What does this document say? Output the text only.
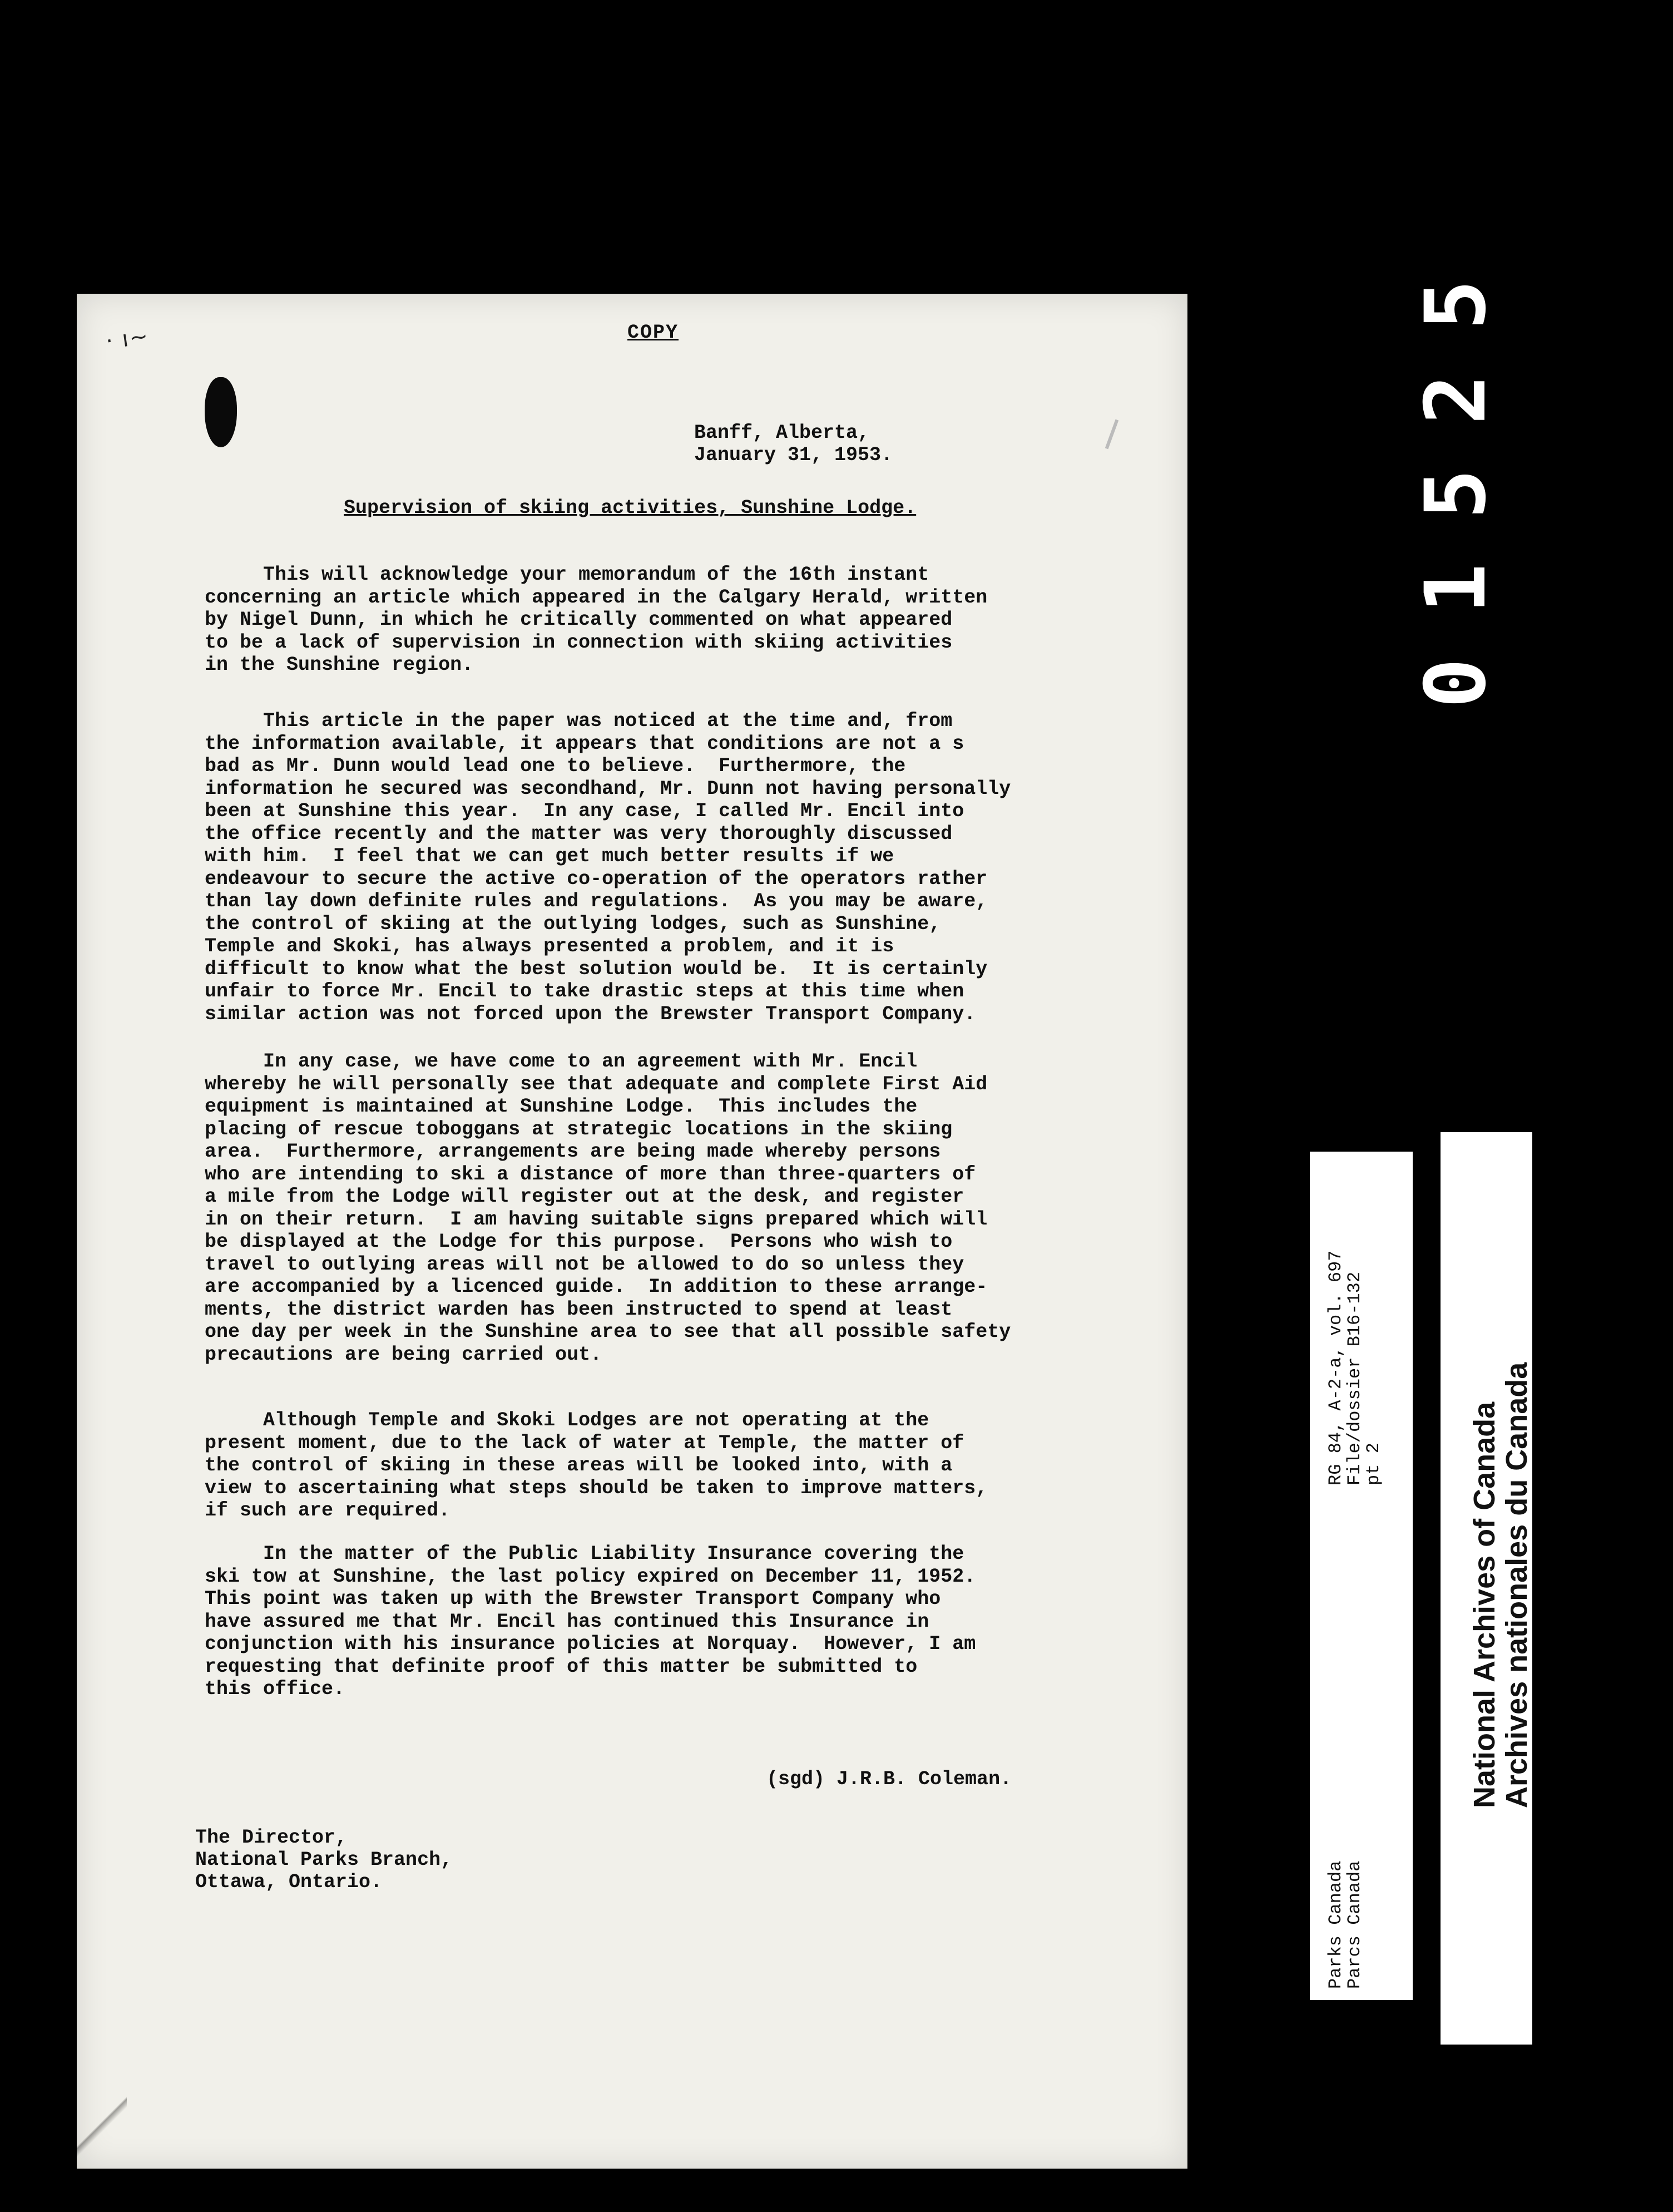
· ı~	COPY
Banff, Alberta,
January 31, 1953.
Supervision of skiing activities, Sunshine Lodge.
This will acknowledge your memorandum of the 16th instant
concerning an article which appeared in the Calgary Herald, written
by Nigel Dunn, in which he critically commented on what appeared
to be a lack of supervision in connection with skiing activities
in the Sunshine region.
This article in the paper was noticed at the time and, from
the information available, it appears that conditions are not a s
bad as Mr. Dunn would lead one to believe.  Furthermore, the
information he secured was secondhand, Mr. Dunn not having personally
been at Sunshine this year.  In any case, I called Mr. Encil into
the office recently and the matter was very thoroughly discussed
with him.  I feel that we can get much better results if we
endeavour to secure the active co-operation of the operators rather
than lay down definite rules and regulations.  As you may be aware,
the control of skiing at the outlying lodges, such as Sunshine,
Temple and Skoki, has always presented a problem, and it is
difficult to know what the best solution would be.  It is certainly
unfair to force Mr. Encil to take drastic steps at this time when
similar action was not forced upon the Brewster Transport Company.
In any case, we have come to an agreement with Mr. Encil
whereby he will personally see that adequate and complete First Aid
equipment is maintained at Sunshine Lodge.  This includes the
placing of rescue toboggans at strategic locations in the skiing
area.  Furthermore, arrangements are being made whereby persons
who are intending to ski a distance of more than three-quarters of
a mile from the Lodge will register out at the desk, and register
in on their return.  I am having suitable signs prepared which will
be displayed at the Lodge for this purpose.  Persons who wish to
travel to outlying areas will not be allowed to do so unless they
are accompanied by a licenced guide.  In addition to these arrange-
ments, the district warden has been instructed to spend at least
one day per week in the Sunshine area to see that all possible safety
precautions are being carried out.
Although Temple and Skoki Lodges are not operating at the
present moment, due to the lack of water at Temple, the matter of
the control of skiing in these areas will be looked into, with a
view to ascertaining what steps should be taken to improve matters,
if such are required.
In the matter of the Public Liability Insurance covering the
ski tow at Sunshine, the last policy expired on December 11, 1952.
This point was taken up with the Brewster Transport Company who
have assured me that Mr. Encil has continued this Insurance in
conjunction with his insurance policies at Norquay.  However, I am
requesting that definite proof of this matter be submitted to
this office.
(sgd) J.R.B. Coleman.
The Director,
National Parks Branch,
Ottawa, Ontario.
5
2
5
1
0
RG 84, A-2-a, vol. 697
File/dossier B16-132
pt 2
Parks Canada
Parcs Canada
National Archives of Canada
Archives nationales du Canada
